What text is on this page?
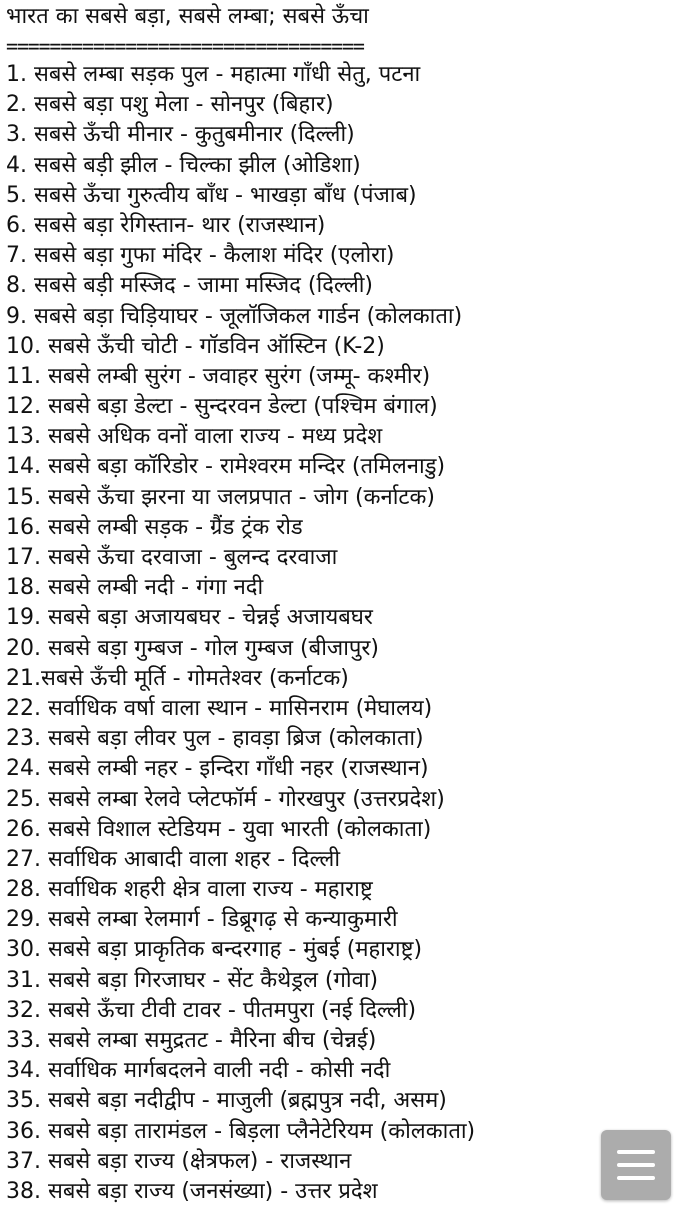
भारत का सबसे बड़ा, सबसे लम्बा; सबसे ऊँचा
=================================
1. सबसे लम्बा सड़क पुल - महात्मा गाँधी सेतु, पटना
2. सबसे बड़ा पशु मेला - सोनपुर (बिहार)
3. सबसे ऊँची मीनार - कुतुबमीनार (दिल्ली)
4. सबसे बड़ी झील - चिल्का झील (ओडिशा)
5. सबसे ऊँचा गुरुत्वीय बाँध - भाखड़ा बाँध (पंजाब)
6. सबसे बड़ा रेगिस्तान- थार (राजस्थान)
7. सबसे बड़ा गुफा मंदिर - कैलाश मंदिर (एलोरा)
8. सबसे बड़ी मस्जिद - जामा मस्जिद (दिल्ली)
9. सबसे बड़ा चिड़ियाघर - जूलॉजिकल गार्डन (कोलकाता)
10. सबसे ऊँची चोटी - गॉडविन ऑस्टिन (K-2)
11. सबसे लम्बी सुरंग - जवाहर सुरंग (जम्मू- कश्मीर)
12. सबसे बड़ा डेल्टा - सुन्दरवन डेल्टा (पश्चिम बंगाल)
13. सबसे अधिक वनों वाला राज्य - मध्य प्रदेश
14. सबसे बड़ा कॉरिडोर - रामेश्वरम मन्दिर (तमिलनाडु)
15. सबसे ऊँचा झरना या जलप्रपात - जोग (कर्नाटक)
16. सबसे लम्बी सड़क - ग्रैंड ट्रंक रोड
17. सबसे ऊँचा दरवाजा - बुलन्द दरवाजा
18. सबसे लम्बी नदी - गंगा नदी
19. सबसे बड़ा अजायबघर - चेन्नई अजायबघर
20. सबसे बड़ा गुम्बज - गोल गुम्बज (बीजापुर)
21.सबसे ऊँची मूर्ति - गोमतेश्वर (कर्नाटक)
22. सर्वाधिक वर्षा वाला स्थान - मासिनराम (मेघालय)
23. सबसे बड़ा लीवर पुल - हावड़ा ब्रिज (कोलकाता)
24. सबसे लम्बी नहर - इन्दिरा गाँधी नहर (राजस्थान)
25. सबसे लम्बा रेलवे प्लेटफॉर्म - गोरखपुर (उत्तरप्रदेश)
26. सबसे विशाल स्टेडियम - युवा भारती (कोलकाता)
27. सर्वाधिक आबादी वाला शहर - दिल्ली
28. सर्वाधिक शहरी क्षेत्र वाला राज्य - महाराष्ट्र
29. सबसे लम्बा रेलमार्ग - डिब्रूगढ़ से कन्याकुमारी
30. सबसे बड़ा प्राकृतिक बन्दरगाह - मुंबई (महाराष्ट्र)
31. सबसे बड़ा गिरजाघर - सेंट कैथेड्रल (गोवा)
32. सबसे ऊँचा टीवी टावर - पीतमपुरा (नई दिल्ली)
33. सबसे लम्बा समुद्रतट - मैरिना बीच (चेन्नई)
34. सर्वाधिक मार्गबदलने वाली नदी - कोसी नदी
35. सबसे बड़ा नदीद्वीप - माजुली (ब्रह्मपुत्र नदी, असम)
36. सबसे बड़ा तारामंडल - बिड़ला प्लैनेटेरियम (कोलकाता)
37. सबसे बड़ा राज्य (क्षेत्रफल) - राजस्थान
38. सबसे बड़ा राज्य (जनसंख्या) - उत्तर प्रदेश
